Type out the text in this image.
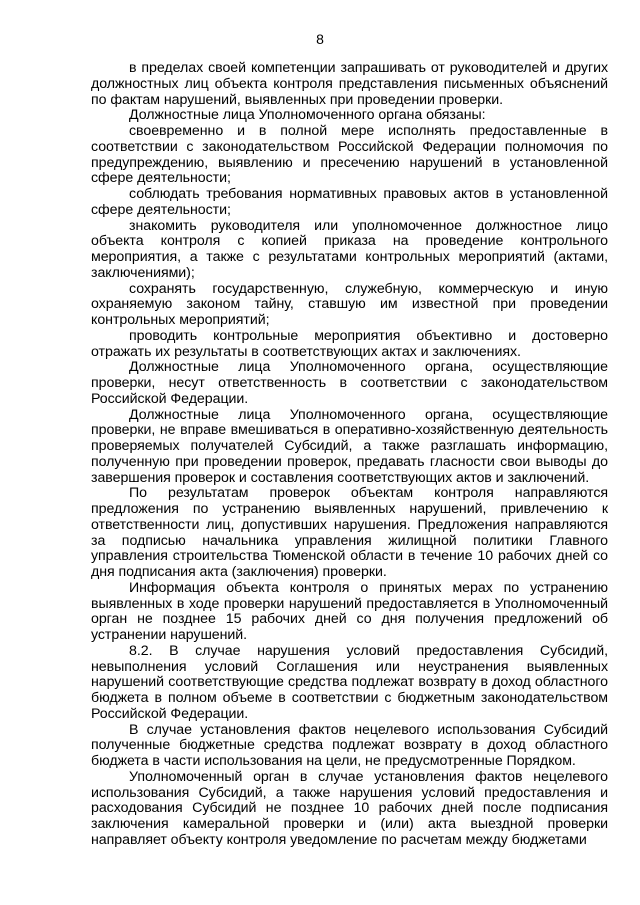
8

в пределах своей компетенции запрашивать от руководителей и других должностных лиц объекта контроля представления письменных объяснений по фактам нарушений, выявленных при проведении проверки.

Должностные лица Уполномоченного органа обязаны:

своевременно и в полной мере исполнять предоставленные в соответствии с законодательством Российской Федерации полномочия по предупреждению, выявлению и пресечению нарушений в установленной сфере деятельности;

соблюдать требования нормативных правовых актов в установленной сфере деятельности;

знакомить руководителя или уполномоченное должностное лицо объекта контроля с копией приказа на проведение контрольного мероприятия, а также с результатами контрольных мероприятий (актами, заключениями);

сохранять государственную, служебную, коммерческую и иную охраняемую законом тайну, ставшую им известной при проведении контрольных мероприятий;

проводить контрольные мероприятия объективно и достоверно отражать их результаты в соответствующих актах и заключениях.

Должностные лица Уполномоченного органа, осуществляющие проверки, несут ответственность в соответствии с законодательством Российской Федерации.

Должностные лица Уполномоченного органа, осуществляющие проверки, не вправе вмешиваться в оперативно-хозяйственную деятельность проверяемых получателей Субсидий, а также разглашать информацию, полученную при проведении проверок, предавать гласности свои выводы до завершения проверок и составления соответствующих актов и заключений.

По результатам проверок объектам контроля направляются предложения по устранению выявленных нарушений, привлечению к ответственности лиц, допустивших нарушения. Предложения направляются за подписью начальника управления жилищной политики Главного управления строительства Тюменской области в течение 10 рабочих дней со дня подписания акта (заключения) проверки.

Информация объекта контроля о принятых мерах по устранению выявленных в ходе проверки нарушений предоставляется в Уполномоченный орган не позднее 15 рабочих дней со дня получения предложений об устранении нарушений.

8.2. В случае нарушения условий предоставления Субсидий, невыполнения условий Соглашения или неустранения выявленных нарушений соответствующие средства подлежат возврату в доход областного бюджета в полном объеме в соответствии с бюджетным законодательством Российской Федерации.

В случае установления фактов нецелевого использования Субсидий полученные бюджетные средства подлежат возврату в доход областного бюджета в части использования на цели, не предусмотренные Порядком.

Уполномоченный орган в случае установления фактов нецелевого использования Субсидий, а также нарушения условий предоставления и расходования Субсидий не позднее 10 рабочих дней после подписания заключения камеральной проверки и (или) акта выездной проверки направляет объекту контроля уведомление по расчетам между бюджетами
